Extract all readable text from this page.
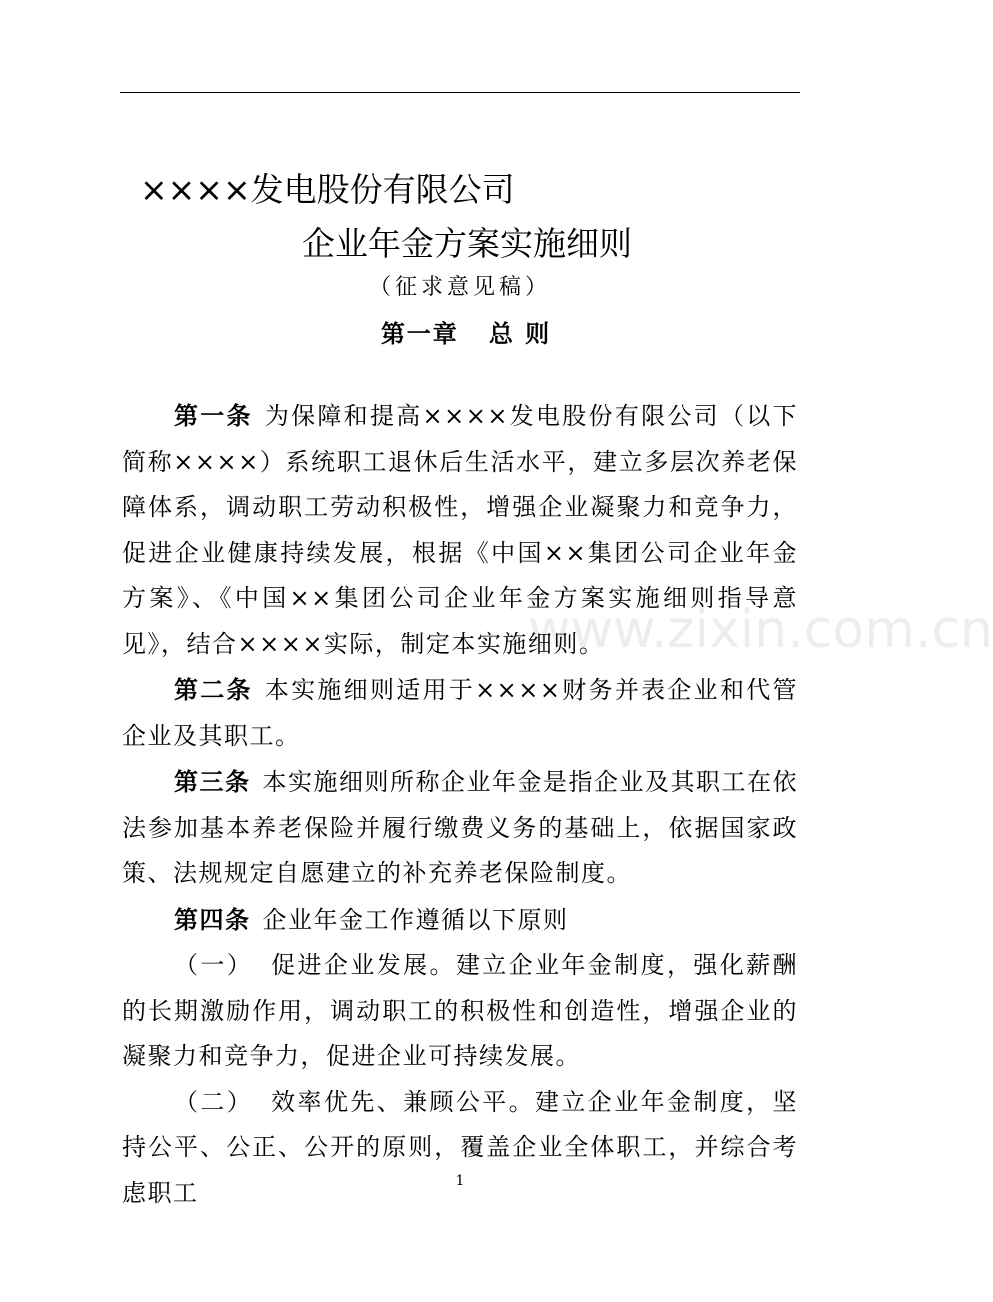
××××发电股份有限公司
企业年金方案实施细则
（征求意见稿）
第一章 总 则

第一条 为保障和提高××××发电股份有限公司（以下简称××××）系统职工退休后生活水平，建立多层次养老保障体系，调动职工劳动积极性，增强企业凝聚力和竞争力，促进企业健康持续发展，根据《中国××集团公司企业年金方案》、《中国××集团公司企业年金方案实施细则指导意见》，结合××××实际，制定本实施细则。

第二条 本实施细则适用于××××财务并表企业和代管企业及其职工。

第三条 本实施细则所称企业年金是指企业及其职工在依法参加基本养老保险并履行缴费义务的基础上，依据国家政策、法规规定自愿建立的补充养老保险制度。

第四条 企业年金工作遵循以下原则

（一） 促进企业发展。建立企业年金制度，强化薪酬的长期激励作用，调动职工的积极性和创造性，增强企业的凝聚力和竞争力，促进企业可持续发展。

（二） 效率优先、兼顾公平。建立企业年金制度，坚持公平、公正、公开的原则，覆盖企业全体职工，并综合考虑职工

www.zixin.com.cn
1
